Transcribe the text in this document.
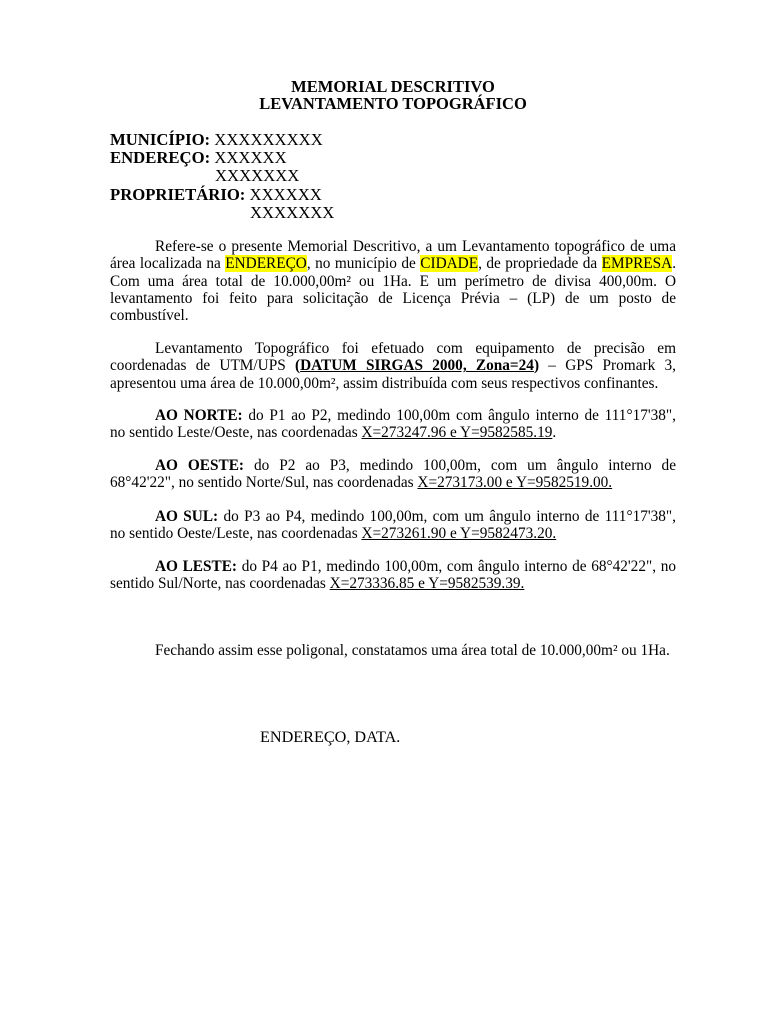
MEMORIAL DESCRITIVO
LEVANTAMENTO TOPOGRÁFICO
MUNICÍPIO: XXXXXXXXX
ENDEREÇO: XXXXXX
XXXXXXX
PROPRIETÁRIO: XXXXXX
XXXXXXX
Refere-se o presente Memorial Descritivo, a um Levantamento topográfico de uma
área localizada na ENDEREÇO, no município de CIDADE, de propriedade da EMPRESA.
Com uma área total de 10.000,00m² ou 1Ha. E um perímetro de divisa 400,00m. O
levantamento foi feito para solicitação de Licença Prévia – (LP) de um posto de
combustível.
Levantamento Topográfico foi efetuado com equipamento de precisão em
coordenadas de UTM/UPS (DATUM SIRGAS 2000, Zona=24) – GPS Promark 3,
apresentou uma área de 10.000,00m², assim distribuída com seus respectivos confinantes.
AO NORTE: do P1 ao P2, medindo 100,00m com ângulo interno de 111°17'38",
no sentido Leste/Oeste, nas coordenadas X=273247.96 e Y=9582585.19.
AO OESTE: do P2 ao P3, medindo 100,00m, com um ângulo interno de
68°42'22", no sentido Norte/Sul, nas coordenadas X=273173.00 e Y=9582519.00.
AO SUL: do P3 ao P4, medindo 100,00m, com um ângulo interno de 111°17'38",
no sentido Oeste/Leste, nas coordenadas X=273261.90 e Y=9582473.20.
AO LESTE: do P4 ao P1, medindo 100,00m, com ângulo interno de 68°42'22", no
sentido Sul/Norte, nas coordenadas X=273336.85 e Y=9582539.39.
Fechando assim esse poligonal, constatamos uma área total de 10.000,00m² ou 1Ha.
ENDEREÇO, DATA.
